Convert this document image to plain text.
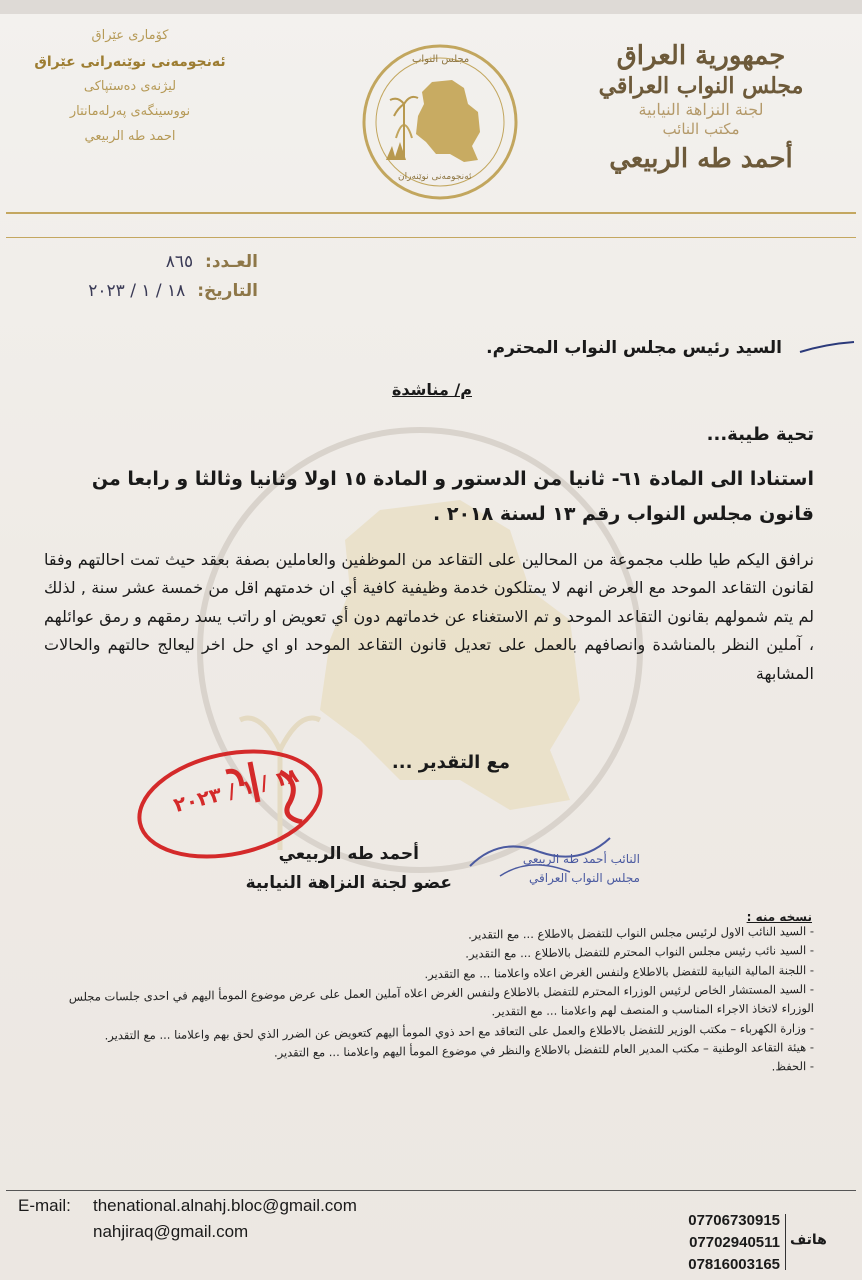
جمهورية العراق
مجلس النواب العراقي
لجنة النزاهة النيابية
مكتب النائب
أحمد طه الربيعي
مجلس النواب
ئەنجومەنی نوێنەران
کۆماری عێراق
ئەنجومەنی نوێنەرانی عێراق
لیژنەی دەستپاکی
نووسینگەی پەرلەمانتار
احمد طه الربيعي
العـدد: ٨٦٥
التاريخ: ١٨ / ١ / ٢٠٢٣
السيد رئيس مجلس النواب المحترم.
م/ مناشدة
تحية طيبة...
استنادا الى المادة ٦١- ثانيا من الدستور و المادة ١٥ اولا وثانيا وثالثا و رابعا من قانون مجلس النواب رقم ١٣ لسنة ٢٠١٨ .
نرافق اليكم طيا طلب مجموعة من المحالين على التقاعد من الموظفين والعاملين بصفة بعقد حيث تمت احالتهم وفقا لقانون التقاعد الموحد مع العرض انهم لا يمتلكون خدمة وظيفية كافية أي ان خدمتهم اقل من خمسة عشر سنة , لذلك لم يتم شمولهم بقانون التقاعد الموحد و تم الاستغناء عن خدماتهم دون أي تعويض او راتب يسد رمقهم و رمق عوائلهم ، آملين النظر بالمناشدة وانصافهم بالعمل على تعديل قانون التقاعد الموحد او اي حل اخر ليعالج حالتهم والحالات المشابهة
مع التقدير ...
١٨ / ١ / ٢٠٢٣
النائب أحمد طه الربيعي
مجلس النواب العراقي
أحمد طه الربيعي
عضو لجنة النزاهة النيابية
نسخه منه :
- السيد النائب الاول لرئيس مجلس النواب للتفضل بالاطلاع ... مع التقدير.
- السيد نائب رئيس مجلس النواب المحترم للتفضل بالاطلاع ... مع التقدير.
- اللجنة المالية النيابية للتفضل بالاطلاع ولنفس الغرض اعلاه واعلامنا ... مع التقدير.
- السيد المستشار الخاص لرئيس الوزراء المحترم للتفضل بالاطلاع ولنفس الغرض اعلاه آملين العمل على عرض موضوع المومأ اليهم في احدى جلسات مجلس الوزراء لاتخاذ الاجراء المناسب و المنصف لهم واعلامنا ... مع التقدير.
- وزارة الكهرباء – مكتب الوزير للتفضل بالاطلاع والعمل على التعاقد مع احد ذوي المومأ اليهم كتعويض عن الضرر الذي لحق بهم واعلامنا ... مع التقدير.
- هيئة التقاعد الوطنية – مكتب المدير العام للتفضل بالاطلاع والنظر في موضوع المومأ اليهم واعلامنا ... مع التقدير.
- الحفظ.
E-mail: thenational.alnahj.bloc@gmail.com
nahjiraq@gmail.com
07706730915
07702940511
07816003165
هاتف
